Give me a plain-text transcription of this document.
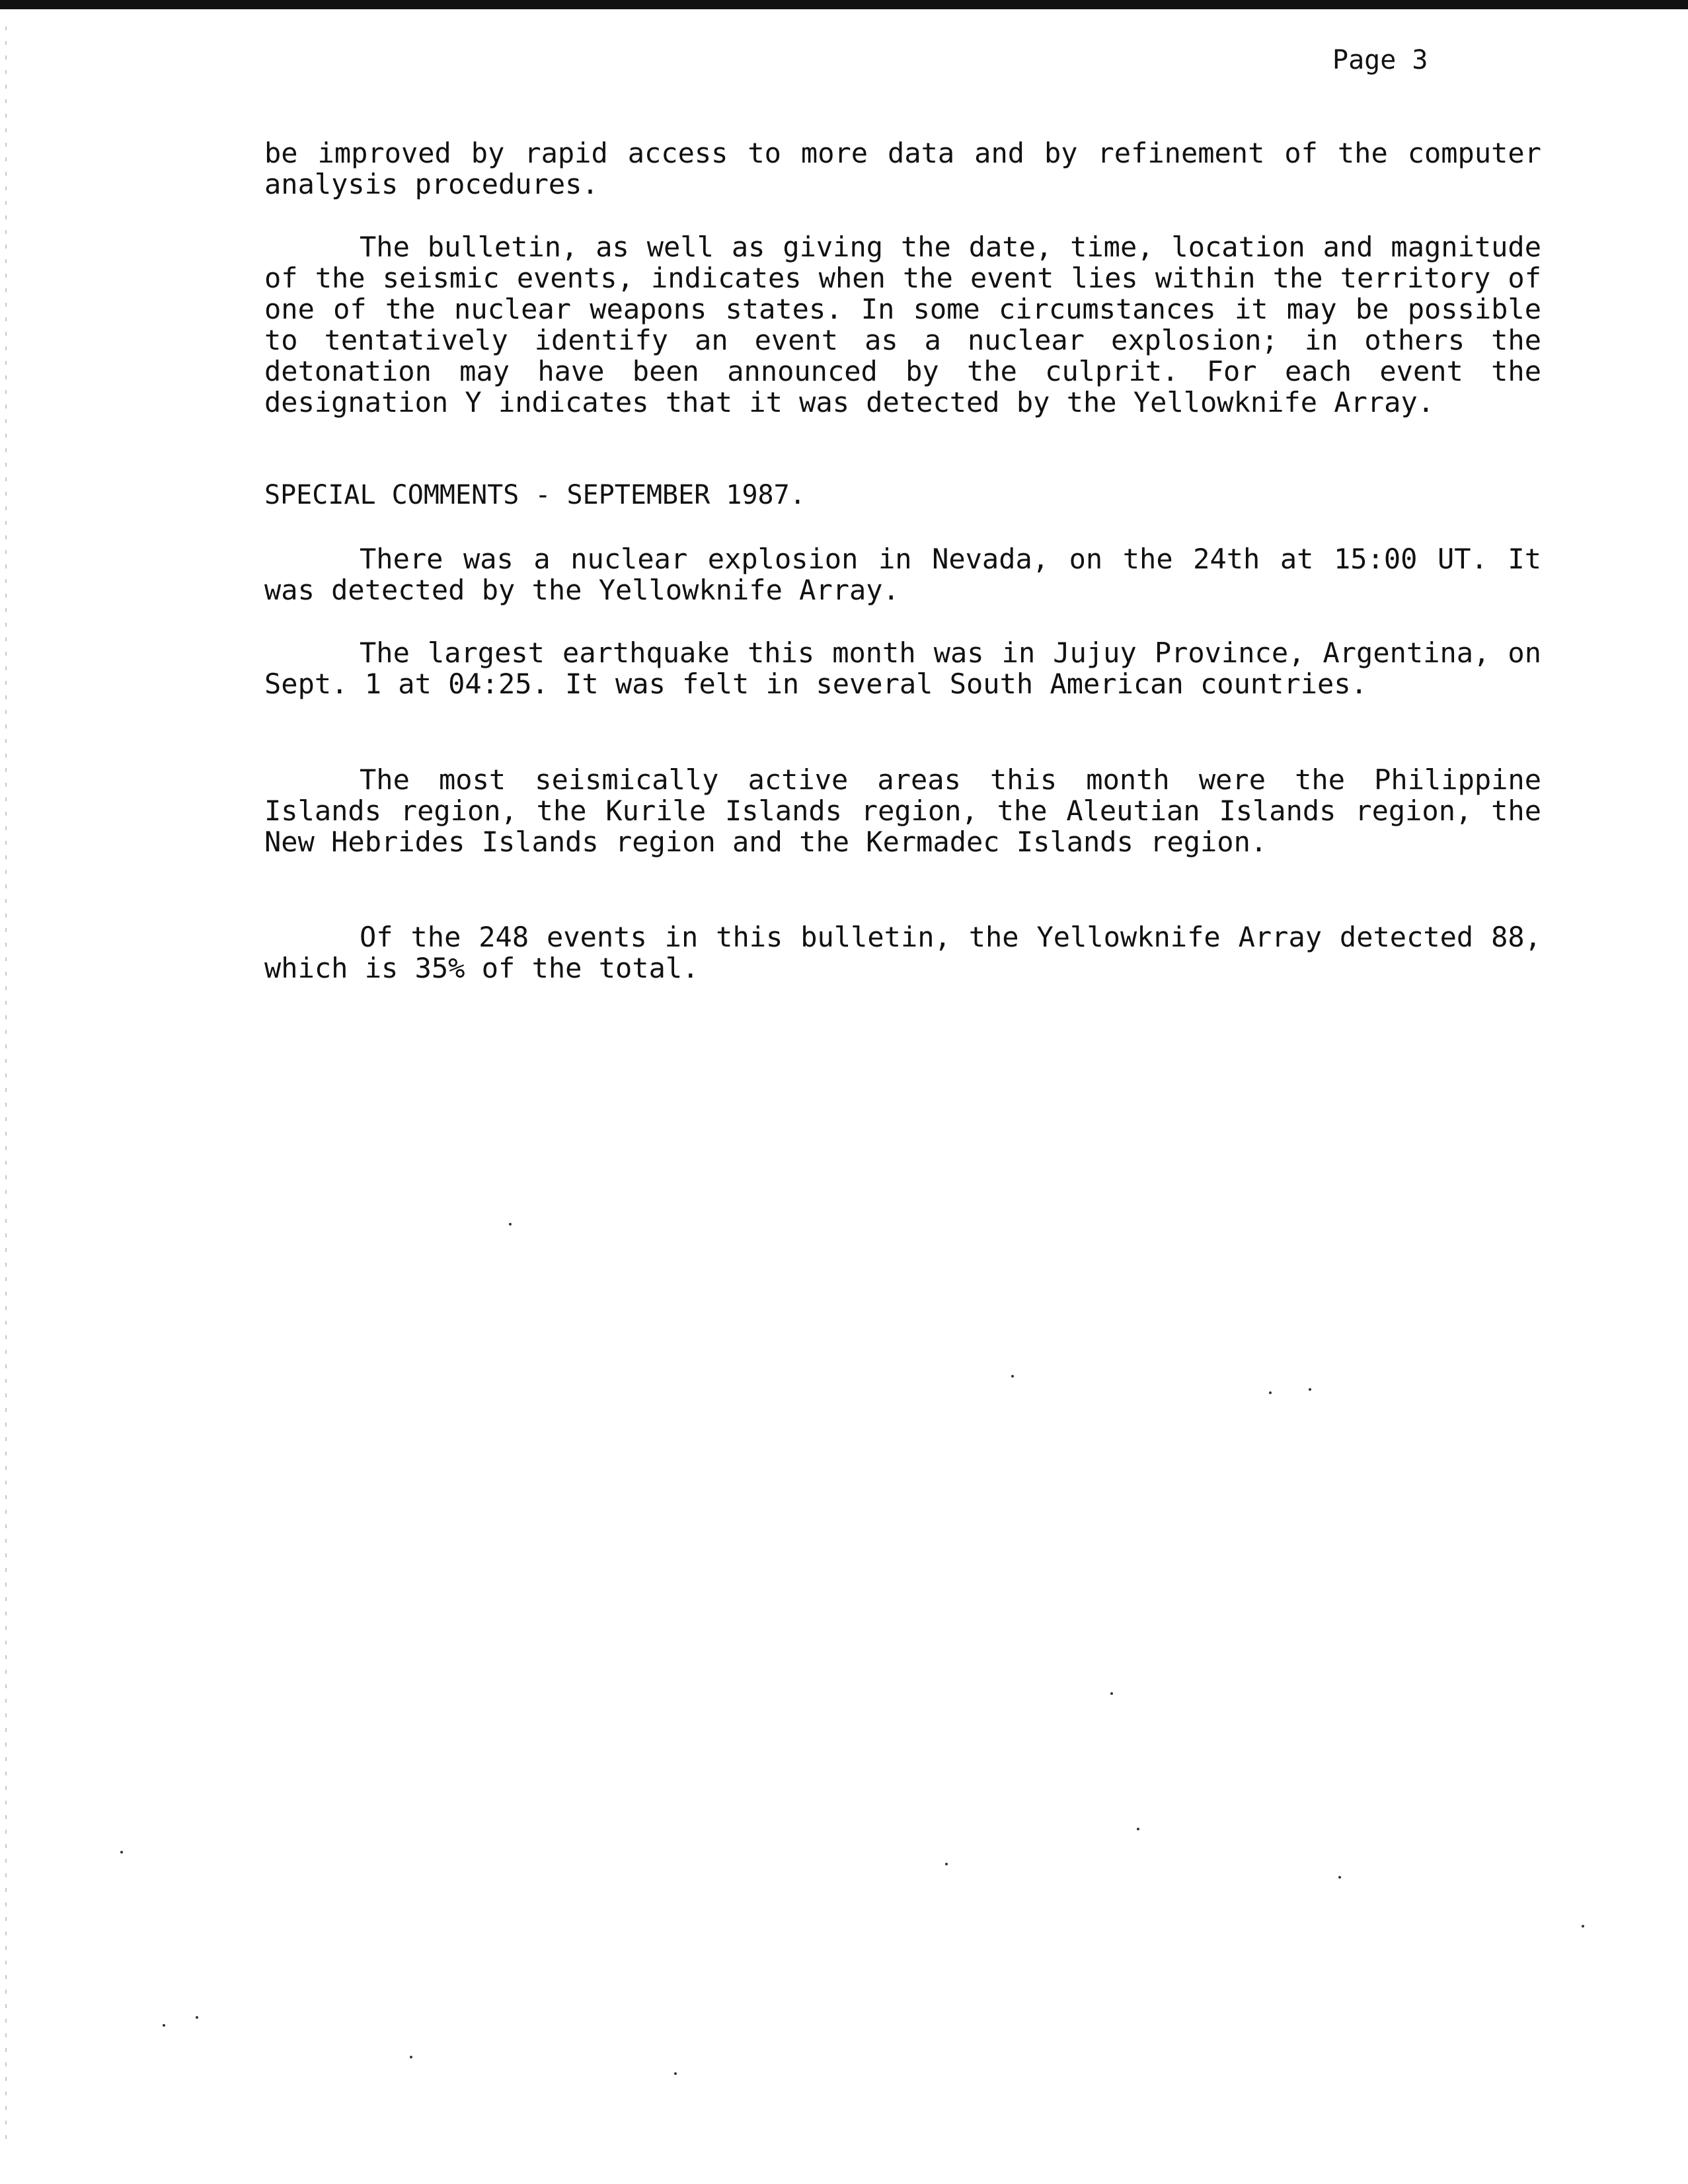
Page 3

be improved by rapid access to more data and by refinement of the computer analysis procedures.

The bulletin, as well as giving the date, time, location and magnitude of the seismic events, indicates when the event lies within the territory of one of the nuclear weapons states. In some circumstances it may be possible to tentatively identify an event as a nuclear explosion; in others the detonation may have been announced by the culprit. For each event the designation Y indicates that it was detected by the Yellowknife Array.

SPECIAL COMMENTS - SEPTEMBER 1987.

There was a nuclear explosion in Nevada, on the 24th at 15:00 UT. It was detected by the Yellowknife Array.

The largest earthquake this month was in Jujuy Province, Argentina, on Sept. 1 at 04:25. It was felt in several South American countries.

The most seismically active areas this month were the Philippine Islands region, the Kurile Islands region, the Aleutian Islands region, the New Hebrides Islands region and the Kermadec Islands region.

Of the 248 events in this bulletin, the Yellowknife Array detected 88, which is 35% of the total.
